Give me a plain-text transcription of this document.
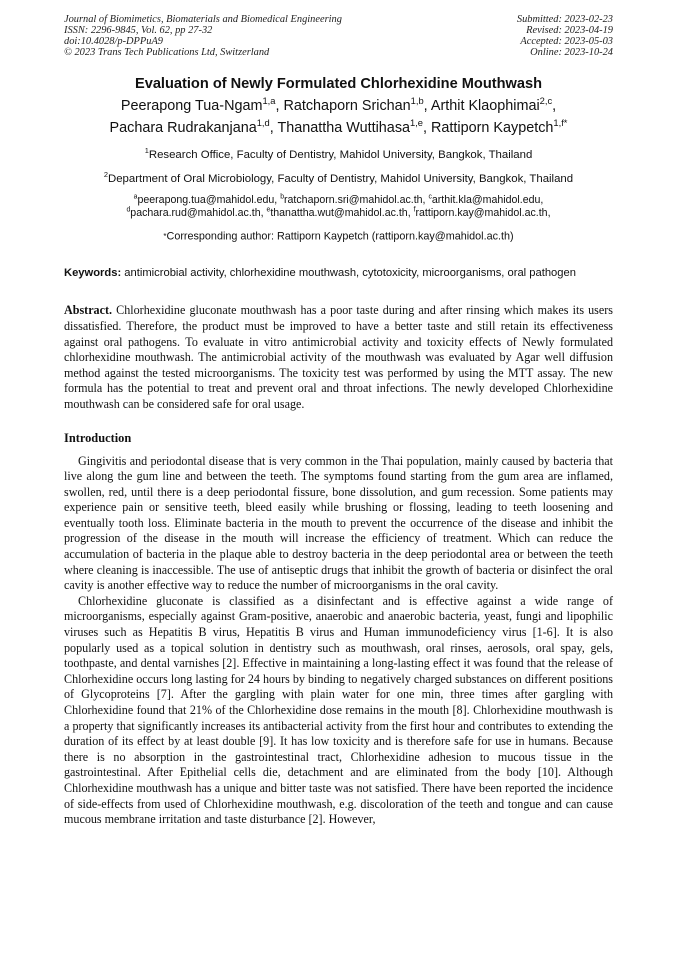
Journal of Biomimetics, Biomaterials and Biomedical Engineering
ISSN: 2296-9845, Vol. 62, pp 27-32
doi:10.4028/p-DPPuA9
© 2023 Trans Tech Publications Ltd, Switzerland
Submitted: 2023-02-23
Revised: 2023-04-19
Accepted: 2023-05-03
Online: 2023-10-24
Evaluation of Newly Formulated Chlorhexidine Mouthwash
Peerapong Tua-Ngam$^{1,a}$, Ratchaporn Srichan$^{1,b}$, Arthit Klaophimai$^{2,c}$,
Pachara Rudrakanjana$^{1,d}$, Thanattha Wuttihasa$^{1,e}$, Rattiporn Kaypetch$^{1,f*}$
$^1$Research Office, Faculty of Dentistry, Mahidol University, Bangkok, Thailand
$^2$Department of Oral Microbiology, Faculty of Dentistry, Mahidol University, Bangkok, Thailand
$^a$peerapong.tua@mahidol.edu, $^b$ratchaporn.sri@mahidol.ac.th, $^c$arthit.kla@mahidol.edu,
$^d$pachara.rud@mahidol.ac.th, $^e$thanattha.wut@mahidol.ac.th, $^f$rattiporn.kay@mahidol.ac.th,
*Corresponding author: Rattiporn Kaypetch (rattiporn.kay@mahidol.ac.th)
Keywords: antimicrobial activity, chlorhexidine mouthwash, cytotoxicity, microorganisms, oral pathogen
Abstract. Chlorhexidine gluconate mouthwash has a poor taste during and after rinsing which makes its users dissatisfied. Therefore, the product must be improved to have a better taste and still retain its effectiveness against oral pathogens. To evaluate in vitro antimicrobial activity and toxicity effects of Newly formulated chlorhexidine mouthwash. The antimicrobial activity of the mouthwash was evaluated by Agar well diffusion method against the tested microorganisms. The toxicity test was performed by using the MTT assay. The new formula has the potential to treat and prevent oral and throat infections. The newly developed Chlorhexidine mouthwash can be considered safe for oral usage.
Introduction

Gingivitis and periodontal disease that is very common in the Thai population, mainly caused by bacteria that live along the gum line and between the teeth. The symptoms found starting from the gum area are inflamed, swollen, red, until there is a deep periodontal fissure, bone dissolution, and gum recession. Some patients may experience pain or sensitive teeth, bleed easily while brushing or flossing, leading to teeth loosening and eventually tooth loss. Eliminate bacteria in the mouth to prevent the occurrence of the disease and inhibit the progression of the disease in the mouth will increase the efficiency of treatment. Which can reduce the accumulation of bacteria in the plaque able to destroy bacteria in the deep periodontal area or between the teeth where cleaning is inaccessible. The use of antiseptic drugs that inhibit the growth of bacteria or disinfect the oral cavity is another effective way to reduce the number of microorganisms in the oral cavity.

Chlorhexidine gluconate is classified as a disinfectant and is effective against a wide range of microorganisms, especially against Gram-positive, anaerobic and anaerobic bacteria, yeast, fungi and lipophilic viruses such as Hepatitis B virus, Hepatitis B virus and Human immunodeficiency virus [1-6]. It is also popularly used as a topical solution in dentistry such as mouthwash, oral rinses, aerosols, oral spay, gels, toothpaste, and dental varnishes [2]. Effective in maintaining a long-lasting effect it was found that the release of Chlorhexidine occurs long lasting for 24 hours by binding to negatively charged substances on different positions of Glycoproteins [7]. After the gargling with plain water for one min, three times after gargling with Chlorhexidine found that 21% of the Chlorhexidine dose remains in the mouth [8]. Chlorhexidine mouthwash is a property that significantly increases its antibacterial activity from the first hour and contributes to extending the duration of its effect by at least double [9]. It has low toxicity and is therefore safe for use in humans. Because there is no absorption in the gastrointestinal tract, Chlorhexidine adhesion to mucous tissue in the gastrointestinal. After Epithelial cells die, detachment and are eliminated from the body [10]. Although Chlorhexidine mouthwash has a unique and bitter taste was not satisfied. There have been reported the incidence of side-effects from used of Chlorhexidine mouthwash, e.g. discoloration of the teeth and tongue and can cause mucous membrane irritation and taste disturbance [2]. However,
